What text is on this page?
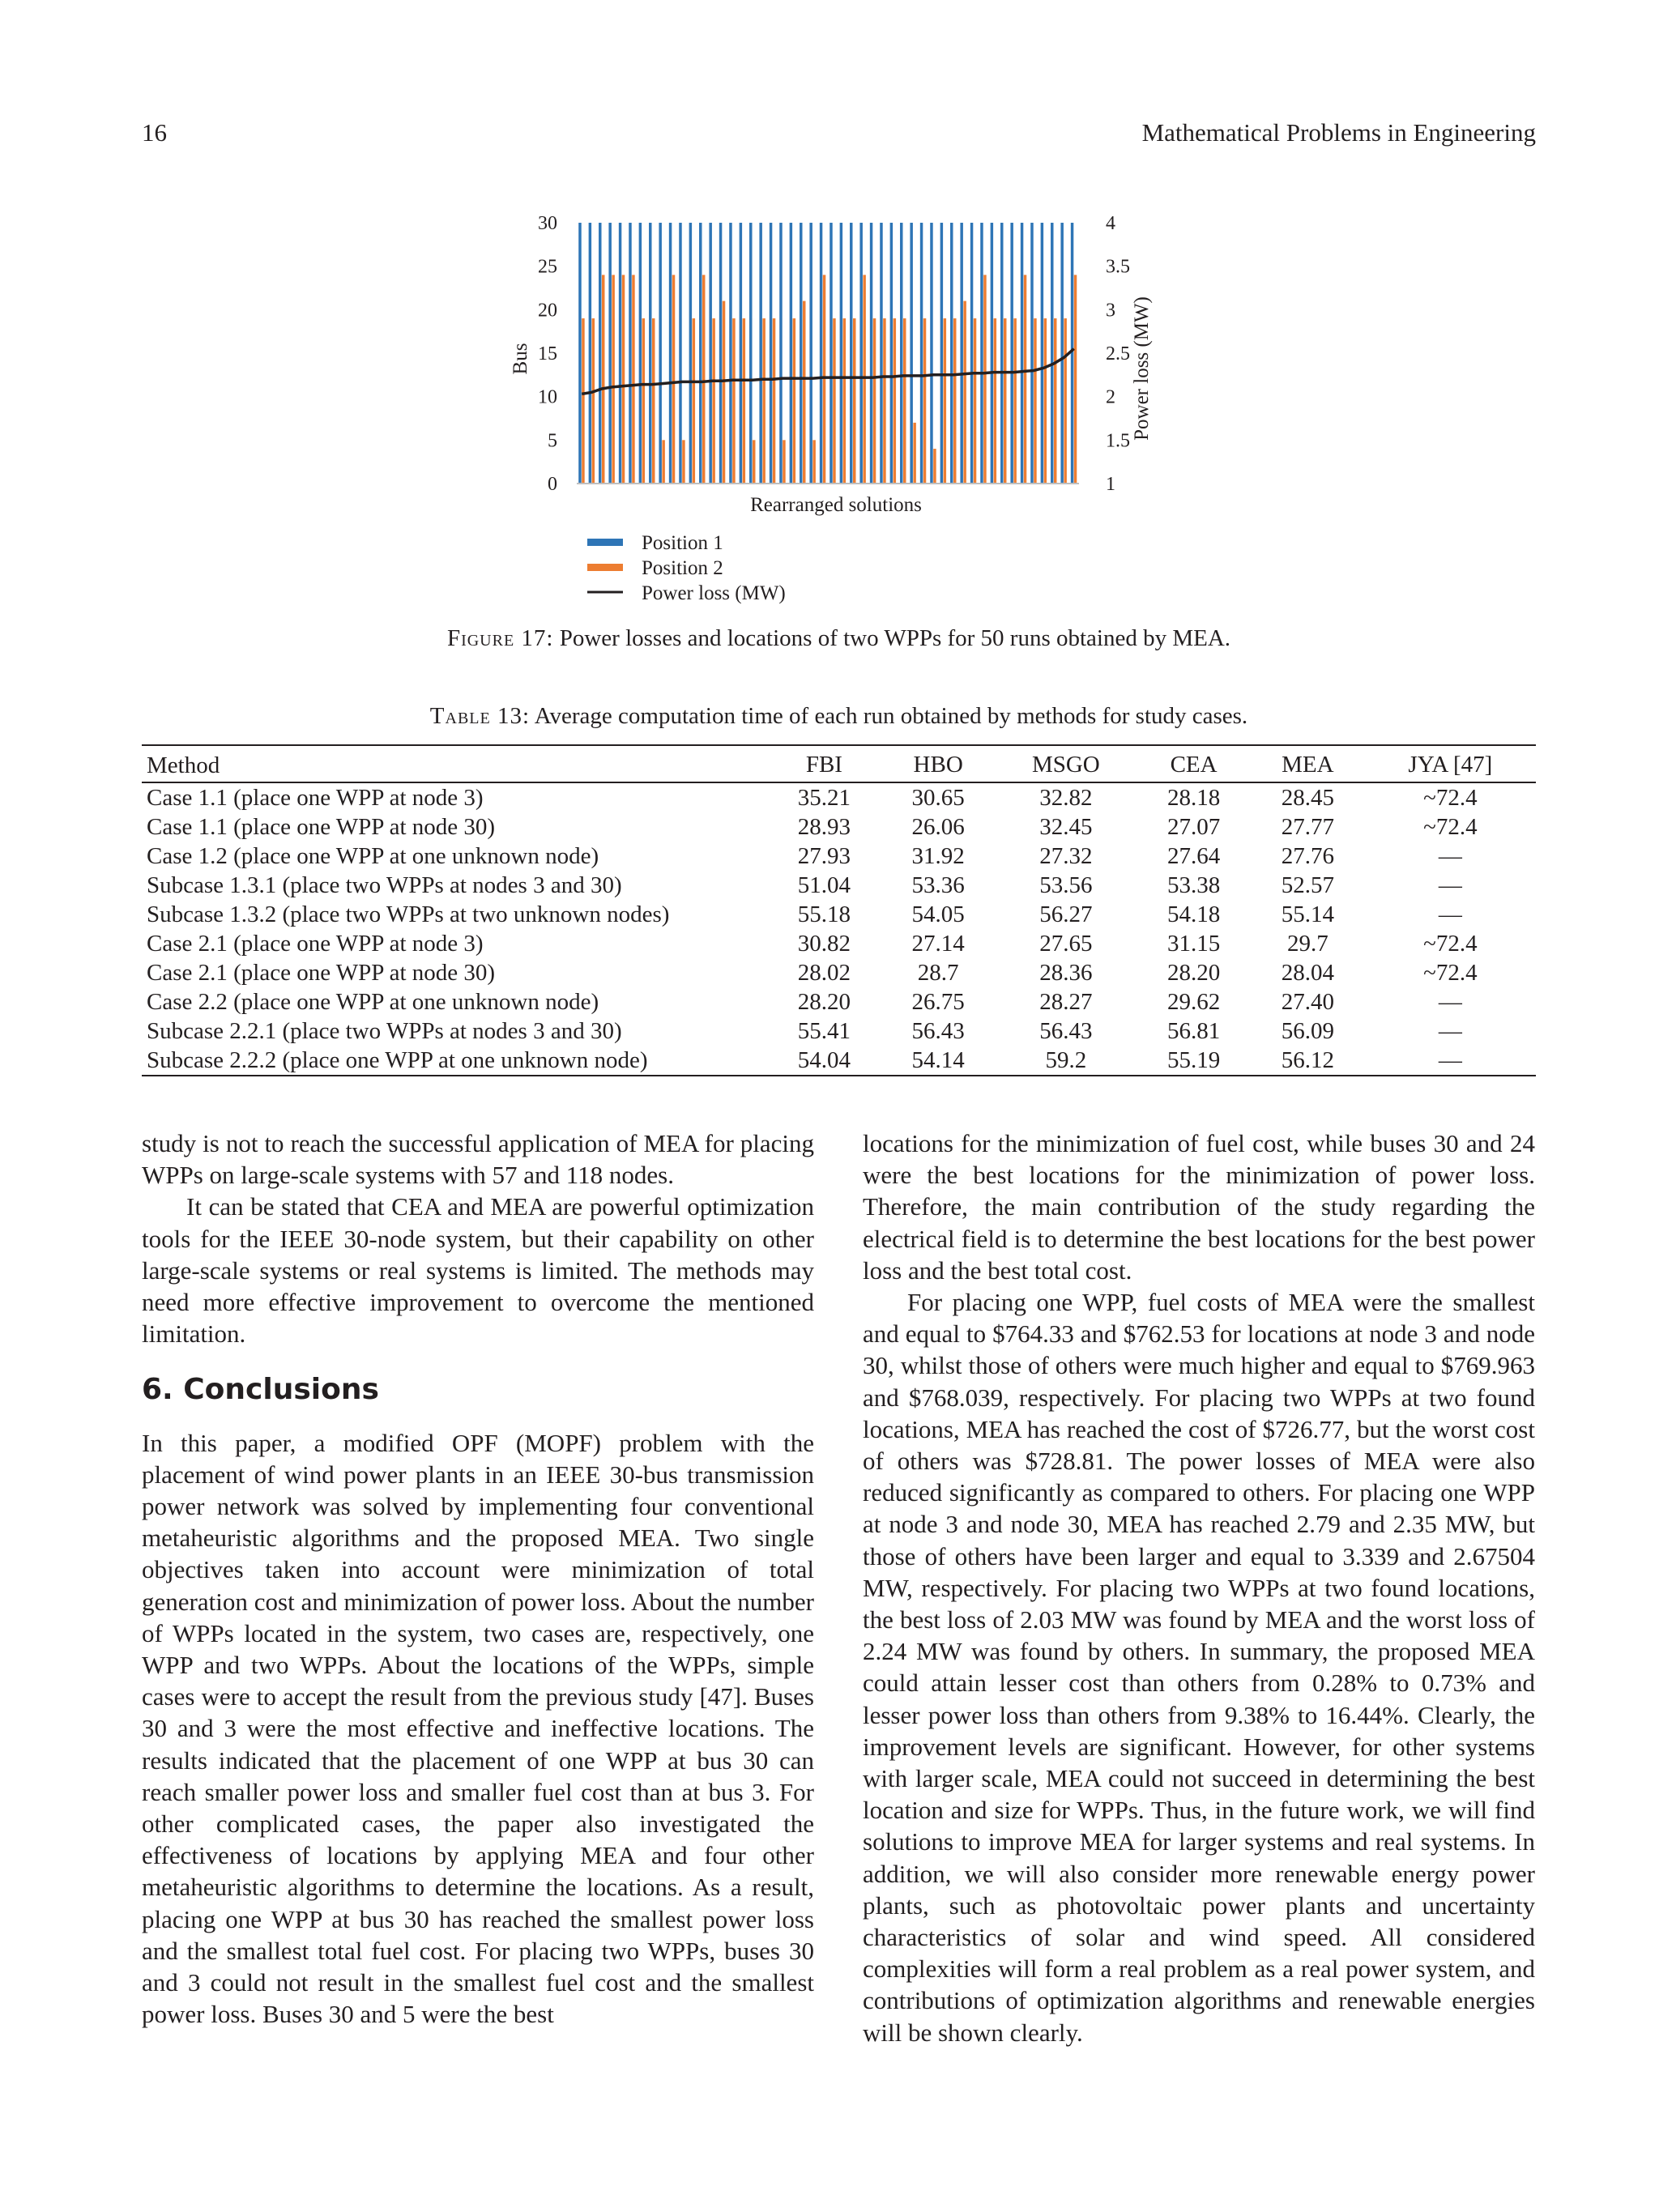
16	Mathematical Problems in Engineering
0
5
10
15
20
25
30
1
1.5
2
2.5
3
3.5
4
Bus	Power loss (MW)
Rearranged solutions
Position 1
Position 2
Power loss (MW)
Figure 17: Power losses and locations of two WPPs for 50 runs obtained by MEA.
Table 13: Average computation time of each run obtained by methods for study cases.
Method	FBI	HBO	MSGO	CEA	MEA	JYA [47]
Case 1.1 (place one WPP at node 3)	35.21	30.65	32.82	28.18	28.45	~72.4
Case 1.1 (place one WPP at node 30)	28.93	26.06	32.45	27.07	27.77	~72.4
Case 1.2 (place one WPP at one unknown node)	27.93	31.92	27.32	27.64	27.76	—
Subcase 1.3.1 (place two WPPs at nodes 3 and 30)	51.04	53.36	53.56	53.38	52.57	—
Subcase 1.3.2 (place two WPPs at two unknown nodes)	55.18	54.05	56.27	54.18	55.14	—
Case 2.1 (place one WPP at node 3)	30.82	27.14	27.65	31.15	29.7	~72.4
Case 2.1 (place one WPP at node 30)	28.02	28.7	28.36	28.20	28.04	~72.4
Case 2.2 (place one WPP at one unknown node)	28.20	26.75	28.27	29.62	27.40	—
Subcase 2.2.1 (place two WPPs at nodes 3 and 30)	55.41	56.43	56.43	56.81	56.09	—
Subcase 2.2.2 (place one WPP at one unknown node)	54.04	54.14	59.2	55.19	56.12	—

study is not to reach the successful application of MEA for placing WPPs on large-scale systems with 57 and 118 nodes.

It can be stated that CEA and MEA are powerful optimization tools for the IEEE 30-node system, but their capability on other large-scale systems or real systems is limited. The methods may need more effective improvement to overcome the mentioned limitation.

6. Conclusions

In this paper, a modified OPF (MOPF) problem with the placement of wind power plants in an IEEE 30-bus transmission power network was solved by implementing four conventional metaheuristic algorithms and the proposed MEA. Two single objectives taken into account were minimization of total generation cost and minimization of power loss. About the number of WPPs located in the system, two cases are, respectively, one WPP and two WPPs. About the locations of the WPPs, simple cases were to accept the result from the previous study [47]. Buses 30 and 3 were the most effective and ineffective locations. The results indicated that the placement of one WPP at bus 30 can reach smaller power loss and smaller fuel cost than at bus 3. For other complicated cases, the paper also investigated the effectiveness of locations by applying MEA and four other metaheuristic algorithms to determine the locations. As a result, placing one WPP at bus 30 has reached the smallest power loss and the smallest total fuel cost. For placing two WPPs, buses 30 and 3 could not result in the smallest fuel cost and the smallest power loss. Buses 30 and 5 were the best

locations for the minimization of fuel cost, while buses 30 and 24 were the best locations for the minimization of power loss. Therefore, the main contribution of the study regarding the electrical field is to determine the best locations for the best power loss and the best total cost.

For placing one WPP, fuel costs of MEA were the smallest and equal to $764.33 and $762.53 for locations at node 3 and node 30, whilst those of others were much higher and equal to $769.963 and $768.039, respectively. For placing two WPPs at two found locations, MEA has reached the cost of $726.77, but the worst cost of others was $728.81. The power losses of MEA were also reduced significantly as compared to others. For placing one WPP at node 3 and node 30, MEA has reached 2.79 and 2.35 MW, but those of others have been larger and equal to 3.339 and 2.67504 MW, respectively. For placing two WPPs at two found locations, the best loss of 2.03 MW was found by MEA and the worst loss of 2.24 MW was found by others. In summary, the proposed MEA could attain lesser cost than others from 0.28% to 0.73% and lesser power loss than others from 9.38% to 16.44%. Clearly, the improvement levels are significant. However, for other systems with larger scale, MEA could not succeed in determining the best location and size for WPPs. Thus, in the future work, we will find solutions to improve MEA for larger systems and real systems. In addition, we will also consider more renewable energy power plants, such as photovoltaic power plants and uncertainty characteristics of solar and wind speed. All considered complexities will form a real problem as a real power system, and contributions of optimization algorithms and renewable energies will be shown clearly.
